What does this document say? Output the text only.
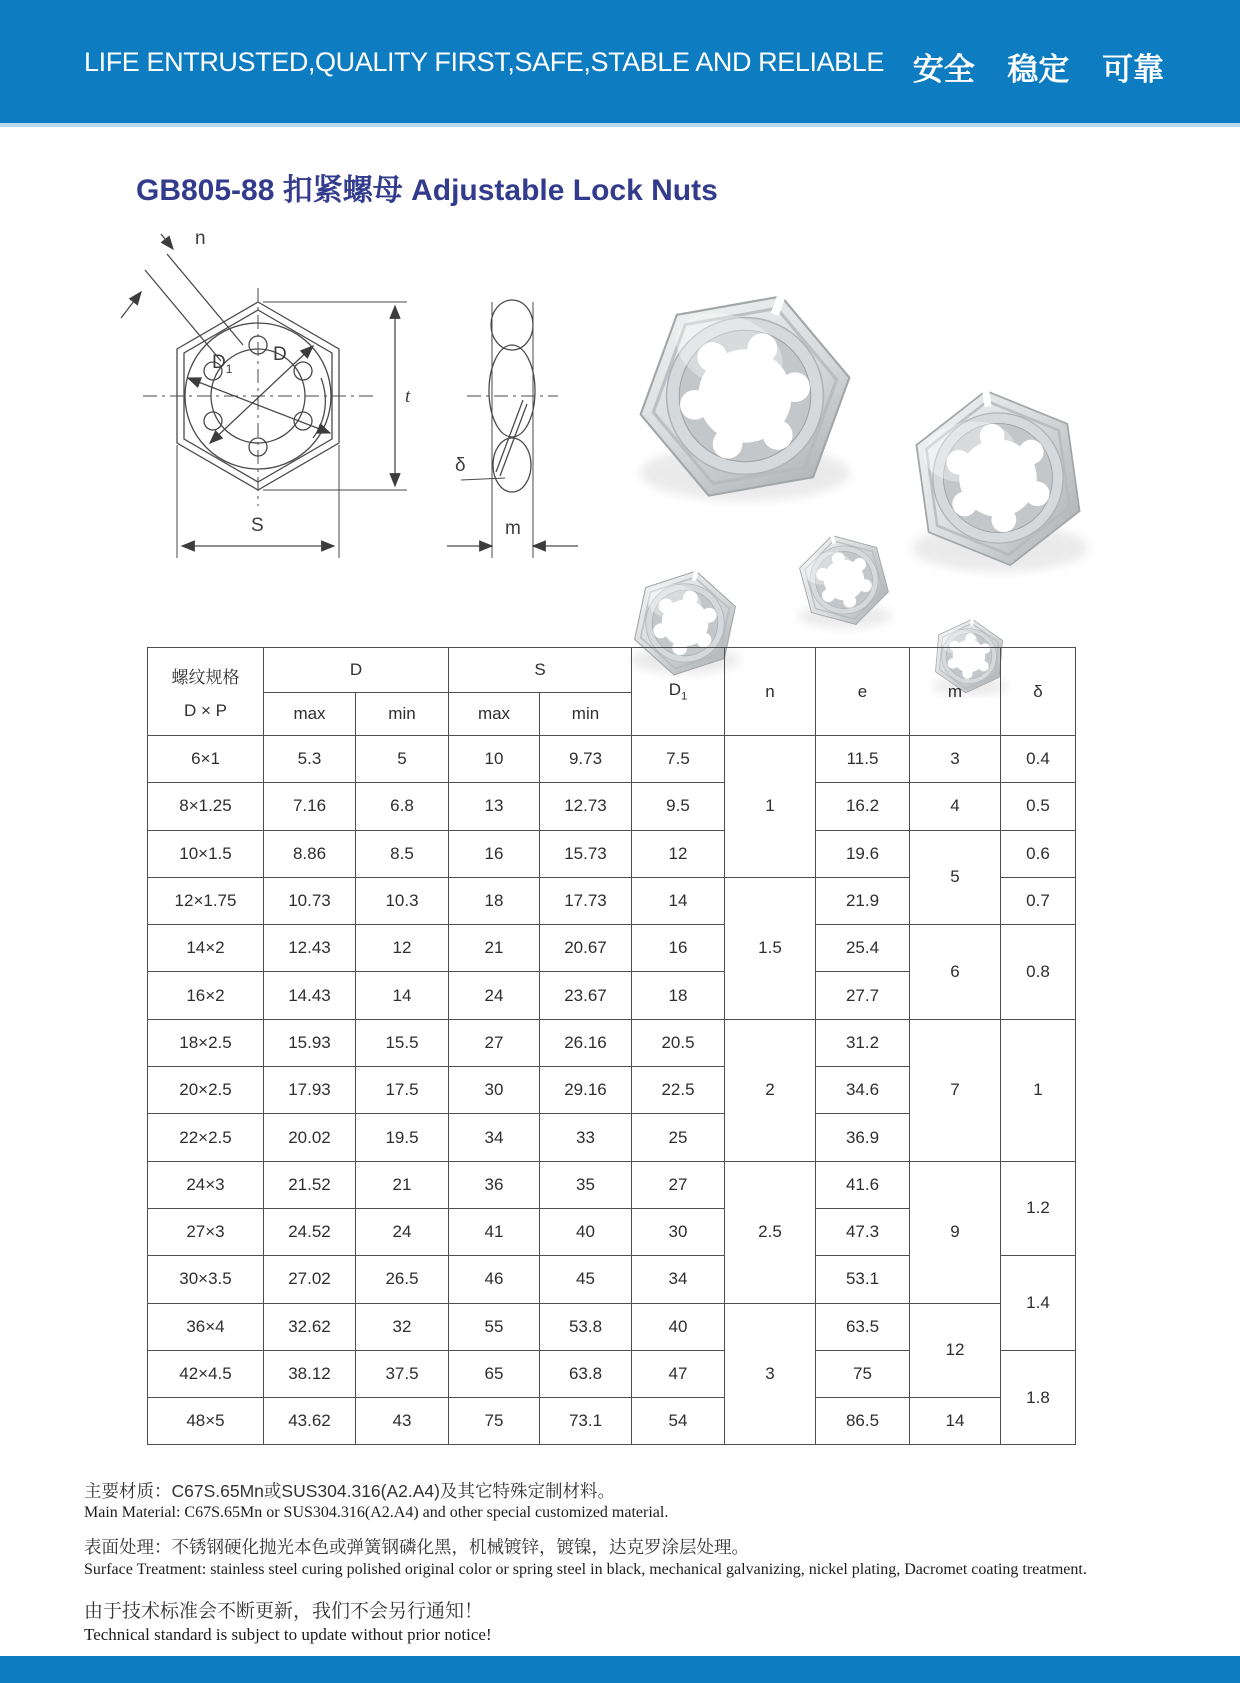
LIFE ENTRUSTED,QUALITY FIRST,SAFE,STABLE AND RELIABLE 安全 稳定 可靠
GB805-88 扣紧螺母 Adjustable Lock Nuts
n
$D_1$
D
t
S
δ
m
螺纹规格
D × P	D		S		$D_1$	n	e	m	δ
	max	min	max	min					
6×1	5.3	5	10	9.73	7.5	1	11.5	3	0.4
8×1.25	7.16	6.8	13	12.73	9.5		16.2	4	0.5
10×1.5	8.86	8.5	16	15.73	12		19.6	5	0.6
12×1.75	10.73	10.3	18	17.73	14	1.5	21.9		0.7
14×2	12.43	12	21	20.67	16		25.4	6	0.8
16×2	14.43	14	24	23.67	18		27.7		
18×2.5	15.93	15.5	27	26.16	20.5	2	31.2	7	1
20×2.5	17.93	17.5	30	29.16	22.5		34.6		
22×2.5	20.02	19.5	34	33	25		36.9		
24×3	21.52	21	36	35	27	2.5	41.6	9	1.2
27×3	24.52	24	41	40	30		47.3		
30×3.5	27.02	26.5	46	45	34		53.1		1.4
36×4	32.62	32	55	53.8	40	3	63.5	12	
42×4.5	38.12	37.5	65	63.8	47		75		1.8
48×5	43.62	43	75	73.1	54		86.5	14	
主要材质：C67S.65Mn或SUS304.316(A2.A4)及其它特殊定制材料。
Main Material: C67S.65Mn or SUS304.316(A2.A4) and other special customized material.
表面处理：不锈钢硬化抛光本色或弹簧钢磷化黑，机械镀锌，镀镍，达克罗涂层处理。
Surface Treatment: stainless steel curing polished original color or spring steel in black, mechanical galvanizing, nickel plating, Dacromet coating treatment.
由于技术标准会不断更新，我们不会另行通知！
Technical standard is subject to update without prior notice!
